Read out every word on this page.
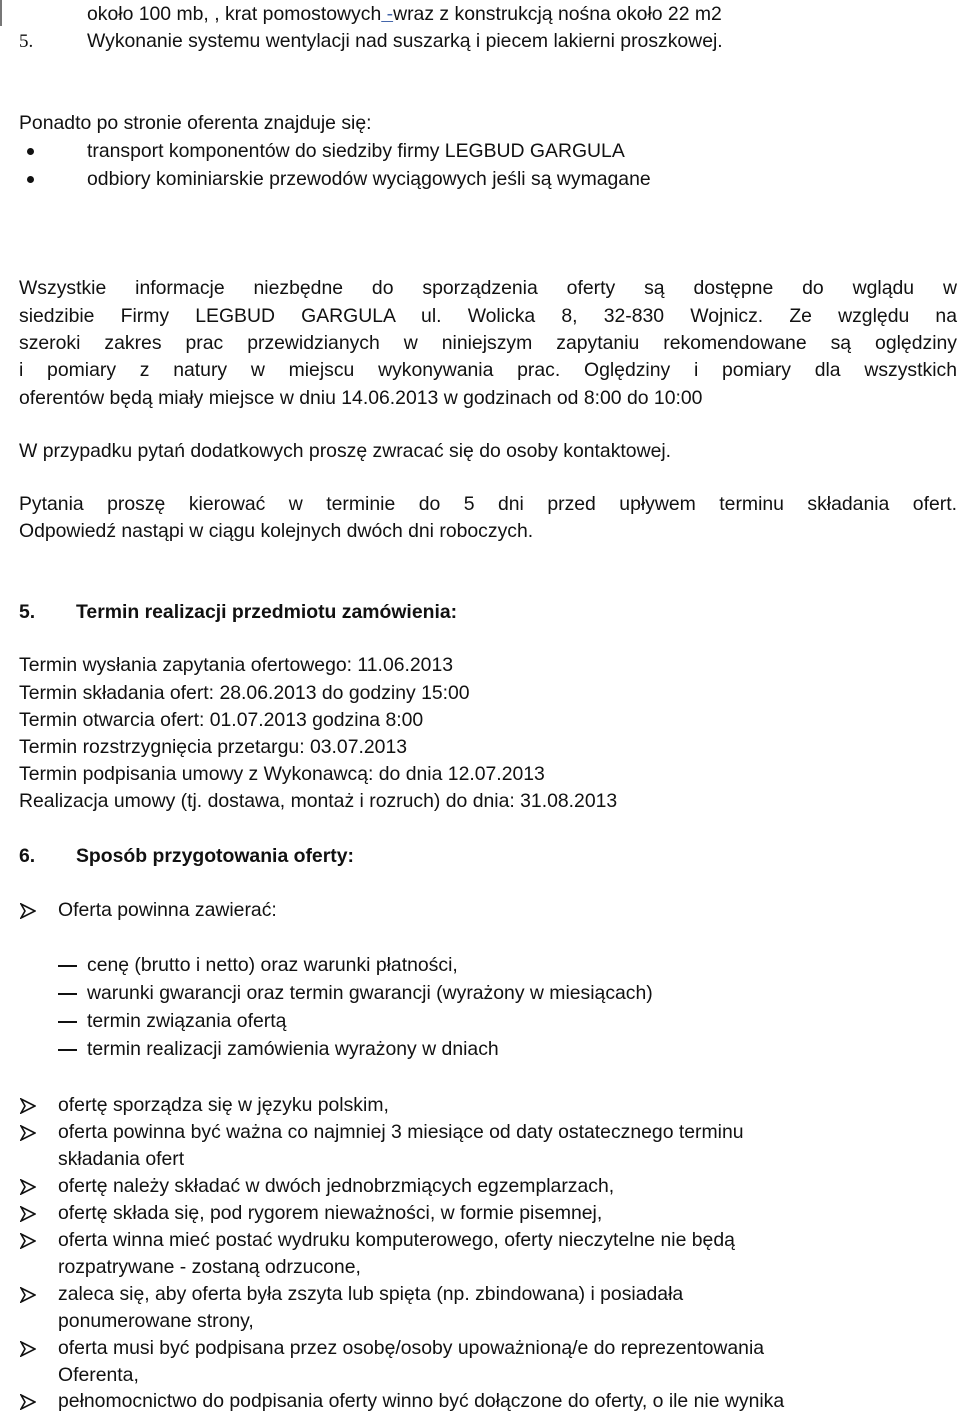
około 100 mb, , krat pomostowych -wraz z konstrukcją nośna około 22 m2
5.	Wykonanie systemu wentylacji nad suszarką i piecem lakierni proszkowej.
Ponadto po stronie oferenta znajduje się:
transport komponentów do siedziby firmy LEGBUD GARGULA
odbiory kominiarskie przewodów wyciągowych jeśli są wymagane
Wszystkie informacje niezbędne do sporządzenia oferty są dostępne do wglądu w
siedzibie Firmy LEGBUD GARGULA ul. Wolicka 8, 32-830 Wojnicz. Ze względu na
szeroki zakres prac przewidzianych w niniejszym zapytaniu rekomendowane są oględziny
i pomiary z natury w miejscu wykonywania prac. Oględziny i pomiary dla wszystkich
oferentów będą miały miejsce w dniu 14.06.2013 w godzinach od 8:00 do 10:00
W przypadku pytań dodatkowych proszę zwracać się do osoby kontaktowej.
Pytania proszę kierować w terminie do 5 dni przed upływem terminu składania ofert.
Odpowiedź nastąpi w ciągu kolejnych dwóch dni roboczych.
5. Termin realizacji przedmiotu zamówienia:
Termin wysłania zapytania ofertowego: 11.06.2013
Termin składania ofert: 28.06.2013 do godziny 15:00
Termin otwarcia ofert: 01.07.2013 godzina 8:00
Termin rozstrzygnięcia przetargu: 03.07.2013
Termin podpisania umowy z Wykonawcą: do dnia 12.07.2013
Realizacja umowy (tj. dostawa, montaż i rozruch) do dnia: 31.08.2013
6. Sposób przygotowania oferty:
Oferta powinna zawierać:
cenę (brutto i netto) oraz warunki płatności,
warunki gwarancji oraz termin gwarancji (wyrażony w miesiącach)
termin związania ofertą
termin realizacji zamówienia wyrażony w dniach
ofertę sporządza się w języku polskim,
oferta powinna być ważna co najmniej 3 miesiące od daty ostatecznego terminu
składania ofert
ofertę należy składać w dwóch jednobrzmiących egzemplarzach,
ofertę składa się, pod rygorem nieważności, w formie pisemnej,
oferta winna mieć postać wydruku komputerowego, oferty nieczytelne nie będą
rozpatrywane - zostaną odrzucone,
zaleca się, aby oferta była zszyta lub spięta (np. zbindowana) i posiadała
ponumerowane strony,
oferta musi być podpisana przez osobę/osoby upoważnioną/e do reprezentowania
Oferenta,
pełnomocnictwo do podpisania oferty winno być dołączone do oferty, o ile nie wynika
